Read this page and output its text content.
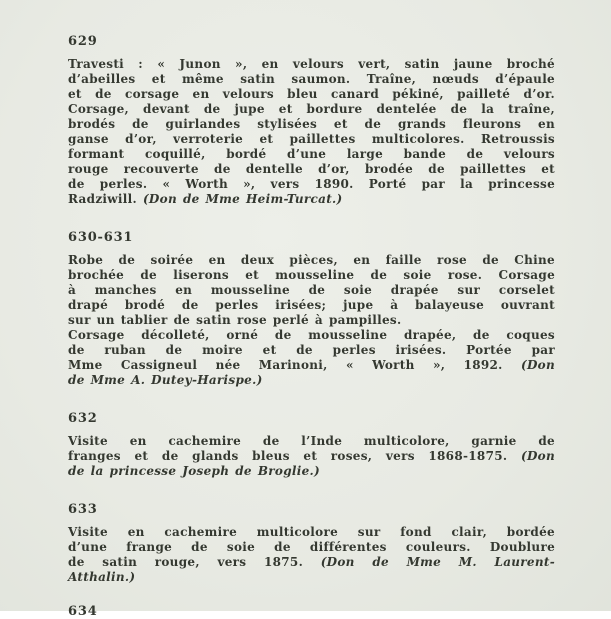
629
Travesti : « Junon », en velours vert, satin jaune broché
d’abeilles et même satin saumon. Traîne, nœuds d’épaule
et de corsage en velours bleu canard pékiné, pailleté d’or.
Corsage, devant de jupe et bordure dentelée de la traîne,
brodés de guirlandes stylisées et de grands fleurons en
ganse d’or, verroterie et paillettes multicolores. Retroussis
formant coquillé, bordé d’une large bande de velours
rouge recouverte de dentelle d’or, brodée de paillettes et
de perles. « Worth », vers 1890. Porté par la princesse
Radziwill. (Don de Mme Heim-Turcat.)
630-631
Robe de soirée en deux pièces, en faille rose de Chine
brochée de liserons et mousseline de soie rose. Corsage
à manches en mousseline de soie drapée sur corselet
drapé brodé de perles irisées; jupe à balayeuse ouvrant
sur un tablier de satin rose perlé à pampilles.
Corsage décolleté, orné de mousseline drapée, de coques
de ruban de moire et de perles irisées. Portée par
Mme Cassigneul née Marinoni, « Worth », 1892. (Don
de Mme A. Dutey-Harispe.)
632
Visite en cachemire de l’Inde multicolore, garnie de
franges et de glands bleus et roses, vers 1868-1875. (Don
de la princesse Joseph de Broglie.)
633
Visite en cachemire multicolore sur fond clair, bordée
d’une frange de soie de différentes couleurs. Doublure
de satin rouge, vers 1875. (Don de Mme M. Laurent-
Atthalin.)
634
